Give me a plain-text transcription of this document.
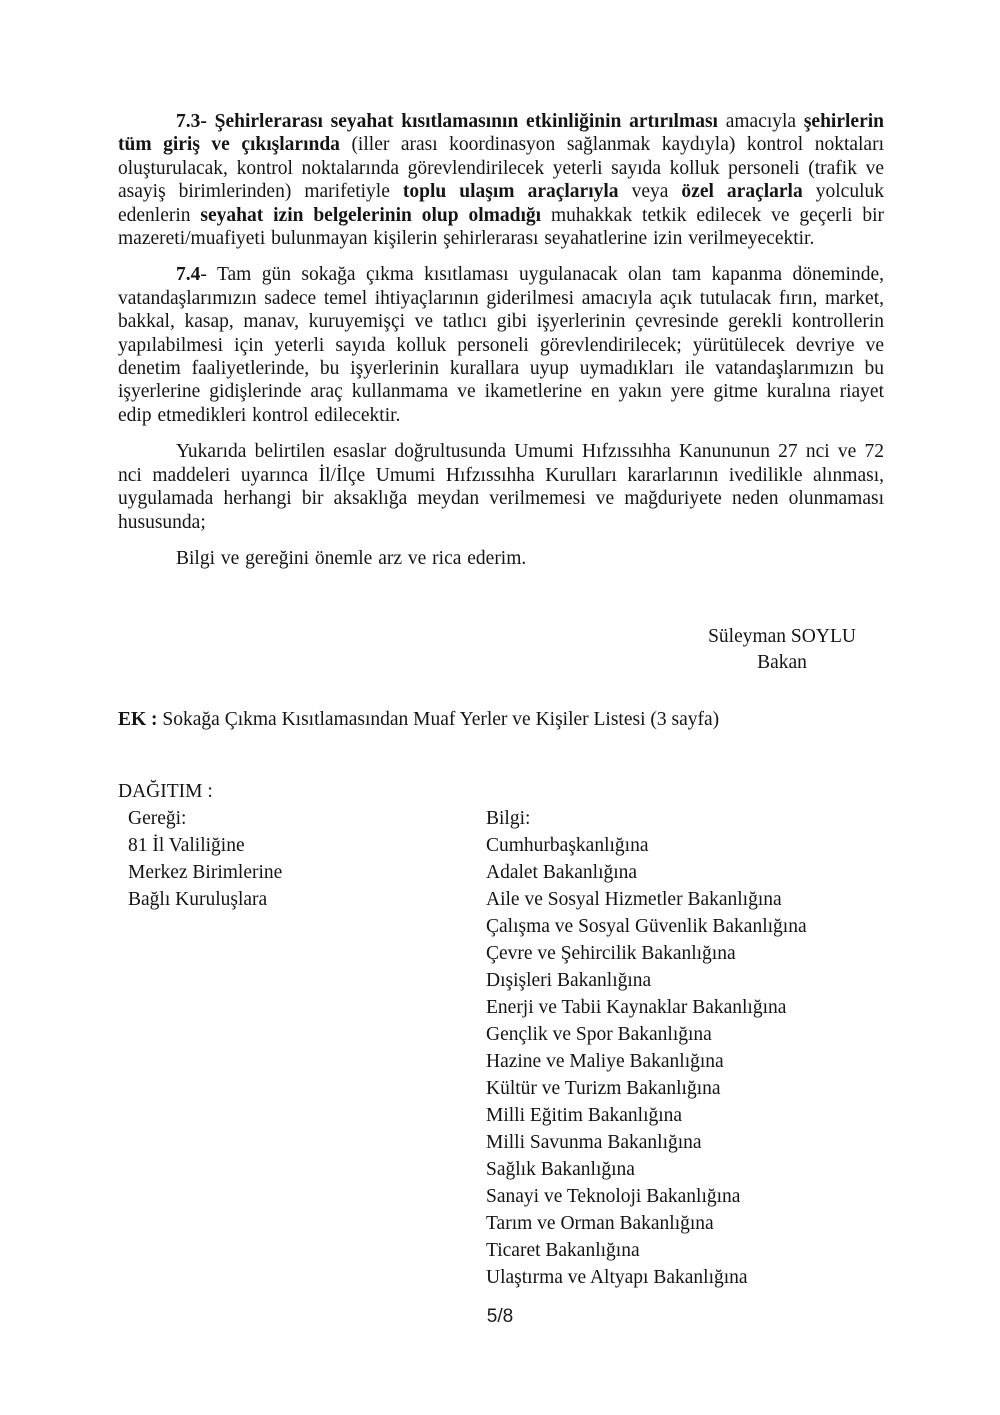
7.3- Şehirlerarası seyahat kısıtlamasının etkinliğinin artırılması amacıyla şehirlerin tüm giriş ve çıkışlarında (iller arası koordinasyon sağlanmak kaydıyla) kontrol noktaları oluşturulacak, kontrol noktalarında görevlendirilecek yeterli sayıda kolluk personeli (trafik ve asayiş birimlerinden) marifetiyle toplu ulaşım araçlarıyla veya özel araçlarla yolculuk edenlerin seyahat izin belgelerinin olup olmadığı muhakkak tetkik edilecek ve geçerli bir mazereti/muafiyeti bulunmayan kişilerin şehirlerarası seyahatlerine izin verilmeyecektir.

7.4- Tam gün sokağa çıkma kısıtlaması uygulanacak olan tam kapanma döneminde, vatandaşlarımızın sadece temel ihtiyaçlarının giderilmesi amacıyla açık tutulacak fırın, market, bakkal, kasap, manav, kuruyemişçi ve tatlıcı gibi işyerlerinin çevresinde gerekli kontrollerin yapılabilmesi için yeterli sayıda kolluk personeli görevlendirilecek; yürütülecek devriye ve denetim faaliyetlerinde, bu işyerlerinin kurallara uyup uymadıkları ile vatandaşlarımızın bu işyerlerine gidişlerinde araç kullanmama ve ikametlerine en yakın yere gitme kuralına riayet edip etmedikleri kontrol edilecektir.

Yukarıda belirtilen esaslar doğrultusunda Umumi Hıfzıssıhha Kanununun 27 nci ve 72 nci maddeleri uyarınca İl/İlçe Umumi Hıfzıssıhha Kurulları kararlarının ivedilikle alınması, uygulamada herhangi bir aksaklığa meydan verilmemesi ve mağduriyete neden olunmaması hususunda;

Bilgi ve gereğini önemle arz ve rica ederim.

Süleyman SOYLU
Bakan

EK : Sokağa Çıkma Kısıtlamasından Muaf Yerler ve Kişiler Listesi (3 sayfa)

DAĞITIM :
Gereği:
81 İl Valiliğine
Merkez Birimlerine
Bağlı Kuruluşlara
Bilgi:
Cumhurbaşkanlığına
Adalet Bakanlığına
Aile ve Sosyal Hizmetler Bakanlığına
Çalışma ve Sosyal Güvenlik Bakanlığına
Çevre ve Şehircilik Bakanlığına
Dışişleri Bakanlığına
Enerji ve Tabii Kaynaklar Bakanlığına
Gençlik ve Spor Bakanlığına
Hazine ve Maliye Bakanlığına
Kültür ve Turizm Bakanlığına
Milli Eğitim Bakanlığına
Milli Savunma Bakanlığına
Sağlık Bakanlığına
Sanayi ve Teknoloji Bakanlığına
Tarım ve Orman Bakanlığına
Ticaret Bakanlığına
Ulaştırma ve Altyapı Bakanlığına
5/8
